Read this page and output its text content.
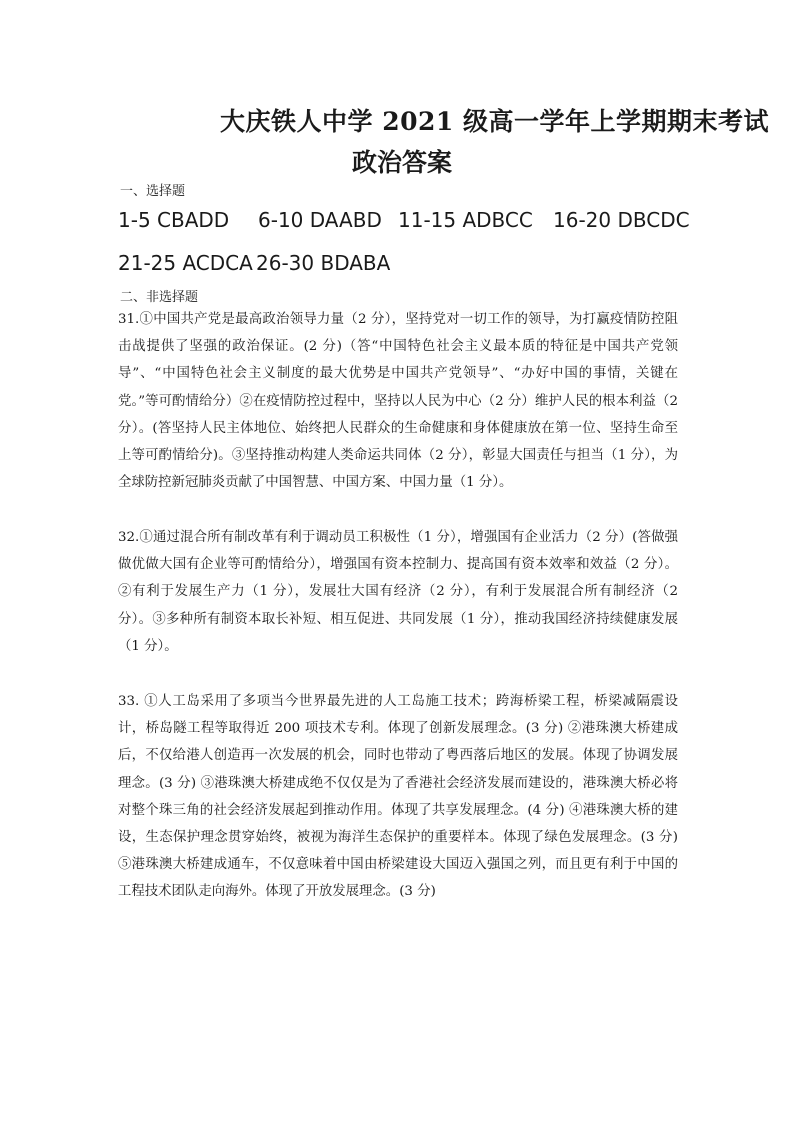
大庆铁人中学 2021 级高一学年上学期期末考试
政治答案
一、选择题
1-5 CBADD 6-10 DAABD 11-15 ADBCC 16-20 DBCDC
21-25 ACDCA 26-30 BDABA
二、非选择题

31.①中国共产党是最高政治领导力量（2 分），坚持党对一切工作的领导，为打赢疫情防控阻击战提供了坚强的政治保证。(2 分)（答“中国特色社会主义最本质的特征是中国共产党领导”、“中国特色社会主义制度的最大优势是中国共产党领导”、“办好中国的事情，关键在党。”等可酌情给分）②在疫情防控过程中，坚持以人民为中心（2 分）维护人民的根本利益（2 分）。(答坚持人民主体地位、始终把人民群众的生命健康和身体健康放在第一位、坚持生命至上等可酌情给分)。③坚持推动构建人类命运共同体（2 分），彰显大国责任与担当（1 分），为全球防控新冠肺炎贡献了中国智慧、中国方案、中国力量（1 分）。

32.①通过混合所有制改革有利于调动员工积极性（1 分），增强国有企业活力（2 分）(答做强做优做大国有企业等可酌情给分），增强国有资本控制力、提高国有资本效率和效益（2 分）。②有利于发展生产力（1 分），发展壮大国有经济（2 分），有利于发展混合所有制经济（2 分）。③多种所有制资本取长补短、相互促进、共同发展（1 分），推动我国经济持续健康发展（1 分）。

33. ①人工岛采用了多项当今世界最先进的人工岛施工技术；跨海桥梁工程，桥梁减隔震设计，桥岛隧工程等取得近 200 项技术专利。体现了创新发展理念。(3 分) ②港珠澳大桥建成后，不仅给港人创造再一次发展的机会，同时也带动了粤西落后地区的发展。体现了协调发展理念。(3 分) ③港珠澳大桥建成绝不仅仅是为了香港社会经济发展而建设的，港珠澳大桥必将对整个珠三角的社会经济发展起到推动作用。体现了共享发展理念。(4 分) ④港珠澳大桥的建设，生态保护理念贯穿始终，被视为海洋生态保护的重要样本。体现了绿色发展理念。(3 分) ⑤港珠澳大桥建成通车，不仅意味着中国由桥梁建设大国迈入强国之列，而且更有利于中国的工程技术团队走向海外。体现了开放发展理念。(3 分)
